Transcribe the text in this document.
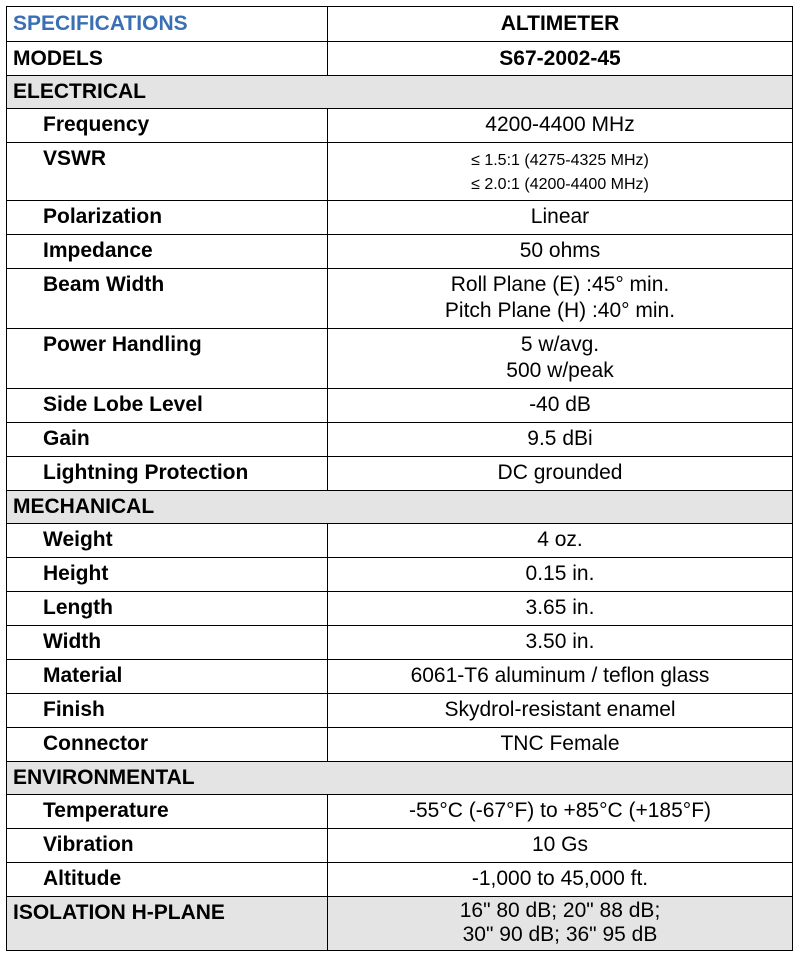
SPECIFICATIONS	ALTIMETER
MODELS	S67-2002-45
ELECTRICAL	
Frequency	4200-4400 MHz
VSWR	≤ 1.5:1 (4275-4325 MHz)
≤ 2.0:1 (4200-4400 MHz)

Polarization	Linear
Impedance	50 ohms
Beam Width	Roll Plane (E) :45° min.
Pitch Plane (H) :40° min.

Power Handling	5 w/avg.
500 w/peak

Side Lobe Level	-40 dB
Gain	9.5 dBi
Lightning Protection	DC grounded
MECHANICAL	
Weight	4 oz.
Height	0.15 in.
Length	3.65 in.
Width	3.50 in.
Material	6061-T6 aluminum / teflon glass
Finish	Skydrol-resistant enamel
Connector	TNC Female
ENVIRONMENTAL	
Temperature	-55°C (-67°F) to +85°C (+185°F)
Vibration	10 Gs
Altitude	-1,000 to 45,000 ft.
ISOLATION H-PLANE	16" 80 dB; 20" 88 dB;
30" 90 dB; 36" 95 dB
